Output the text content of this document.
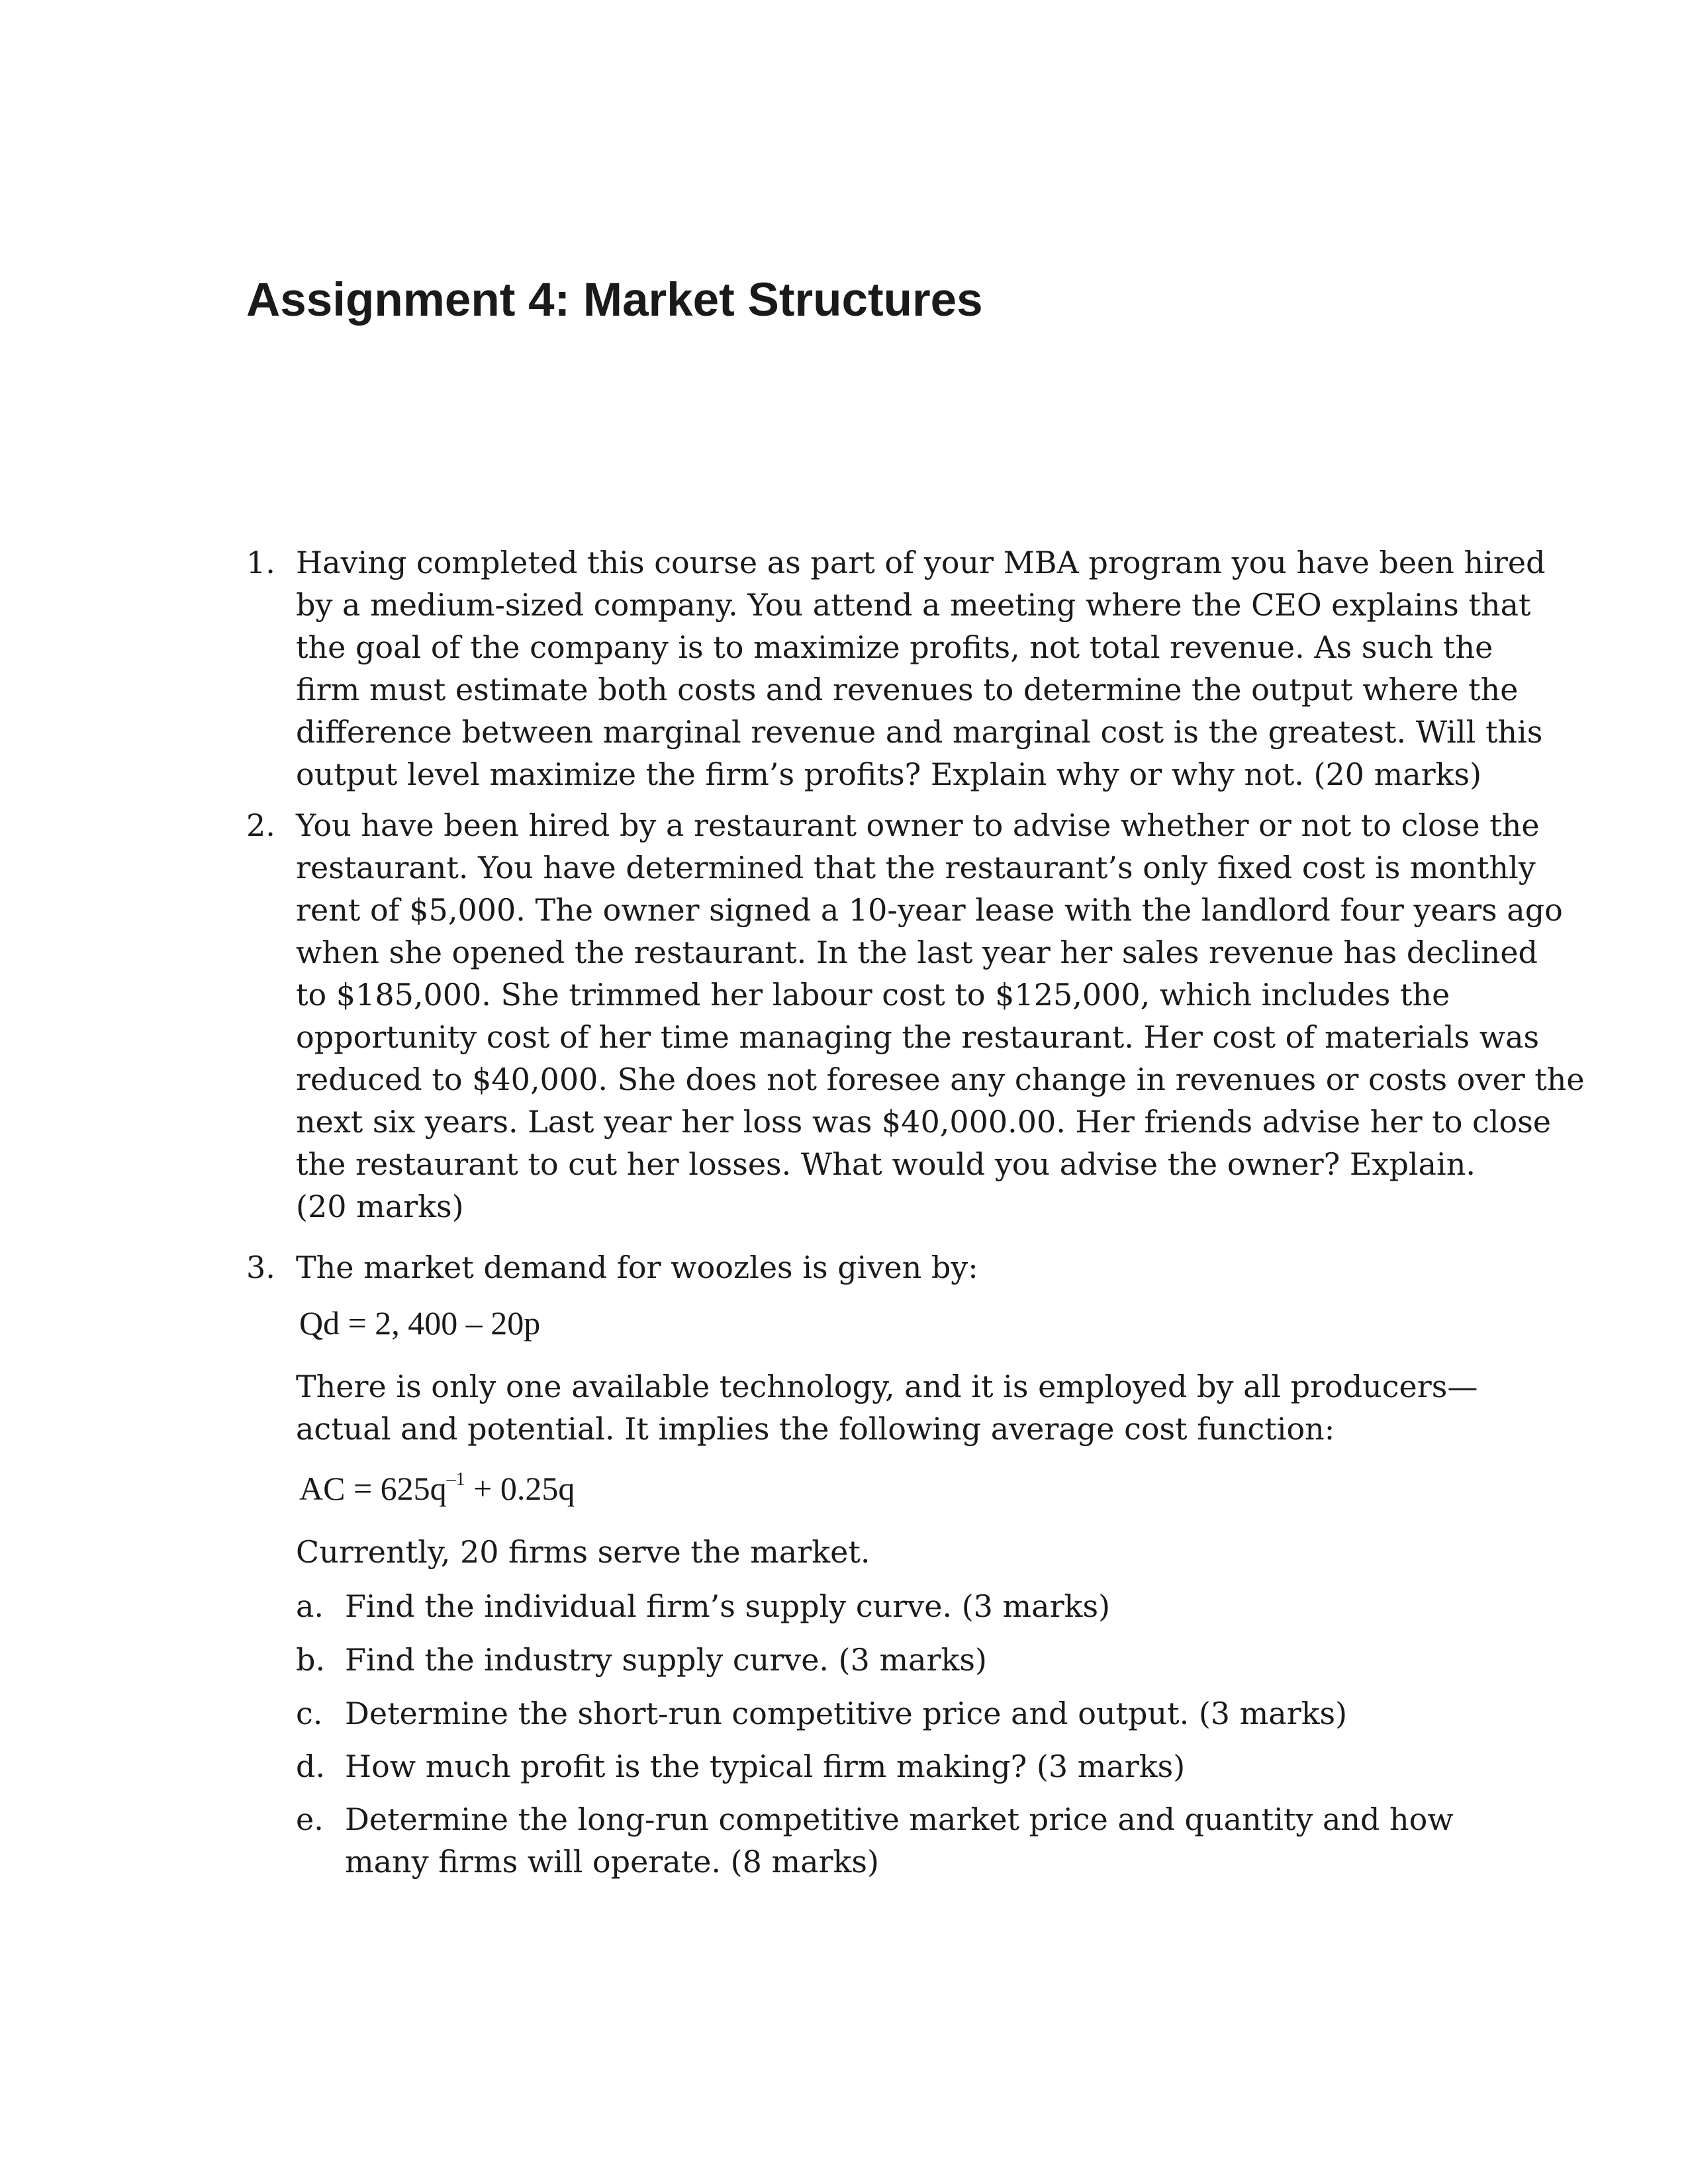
Assignment 4: Market Structures
1. Having completed this course as part of your MBA program you have been hired
by a medium-sized company. You attend a meeting where the CEO explains that
the goal of the company is to maximize profits, not total revenue. As such the
firm must estimate both costs and revenues to determine the output where the
difference between marginal revenue and marginal cost is the greatest. Will this
output level maximize the firm’s profits? Explain why or why not. (20 marks)
2. You have been hired by a restaurant owner to advise whether or not to close the
restaurant. You have determined that the restaurant’s only fixed cost is monthly
rent of $5,000. The owner signed a 10-year lease with the landlord four years ago
when she opened the restaurant. In the last year her sales revenue has declined
to $185,000. She trimmed her labour cost to $125,000, which includes the
opportunity cost of her time managing the restaurant. Her cost of materials was
reduced to $40,000. She does not foresee any change in revenues or costs over the
next six years. Last year her loss was $40,000.00. Her friends advise her to close
the restaurant to cut her losses. What would you advise the owner? Explain.
(20 marks)
3. The market demand for woozles is given by:
Qd = 2, 400 – 20p
There is only one available technology, and it is employed by all producers—
actual and potential. It implies the following average cost function:
AC = $625q^{-1} + 0.25q$
Currently, 20 firms serve the market.
a. Find the individual firm’s supply curve. (3 marks)
b. Find the industry supply curve. (3 marks)
c. Determine the short-run competitive price and output. (3 marks)
d. How much profit is the typical firm making? (3 marks)
e. Determine the long-run competitive market price and quantity and how
many firms will operate. (8 marks)
